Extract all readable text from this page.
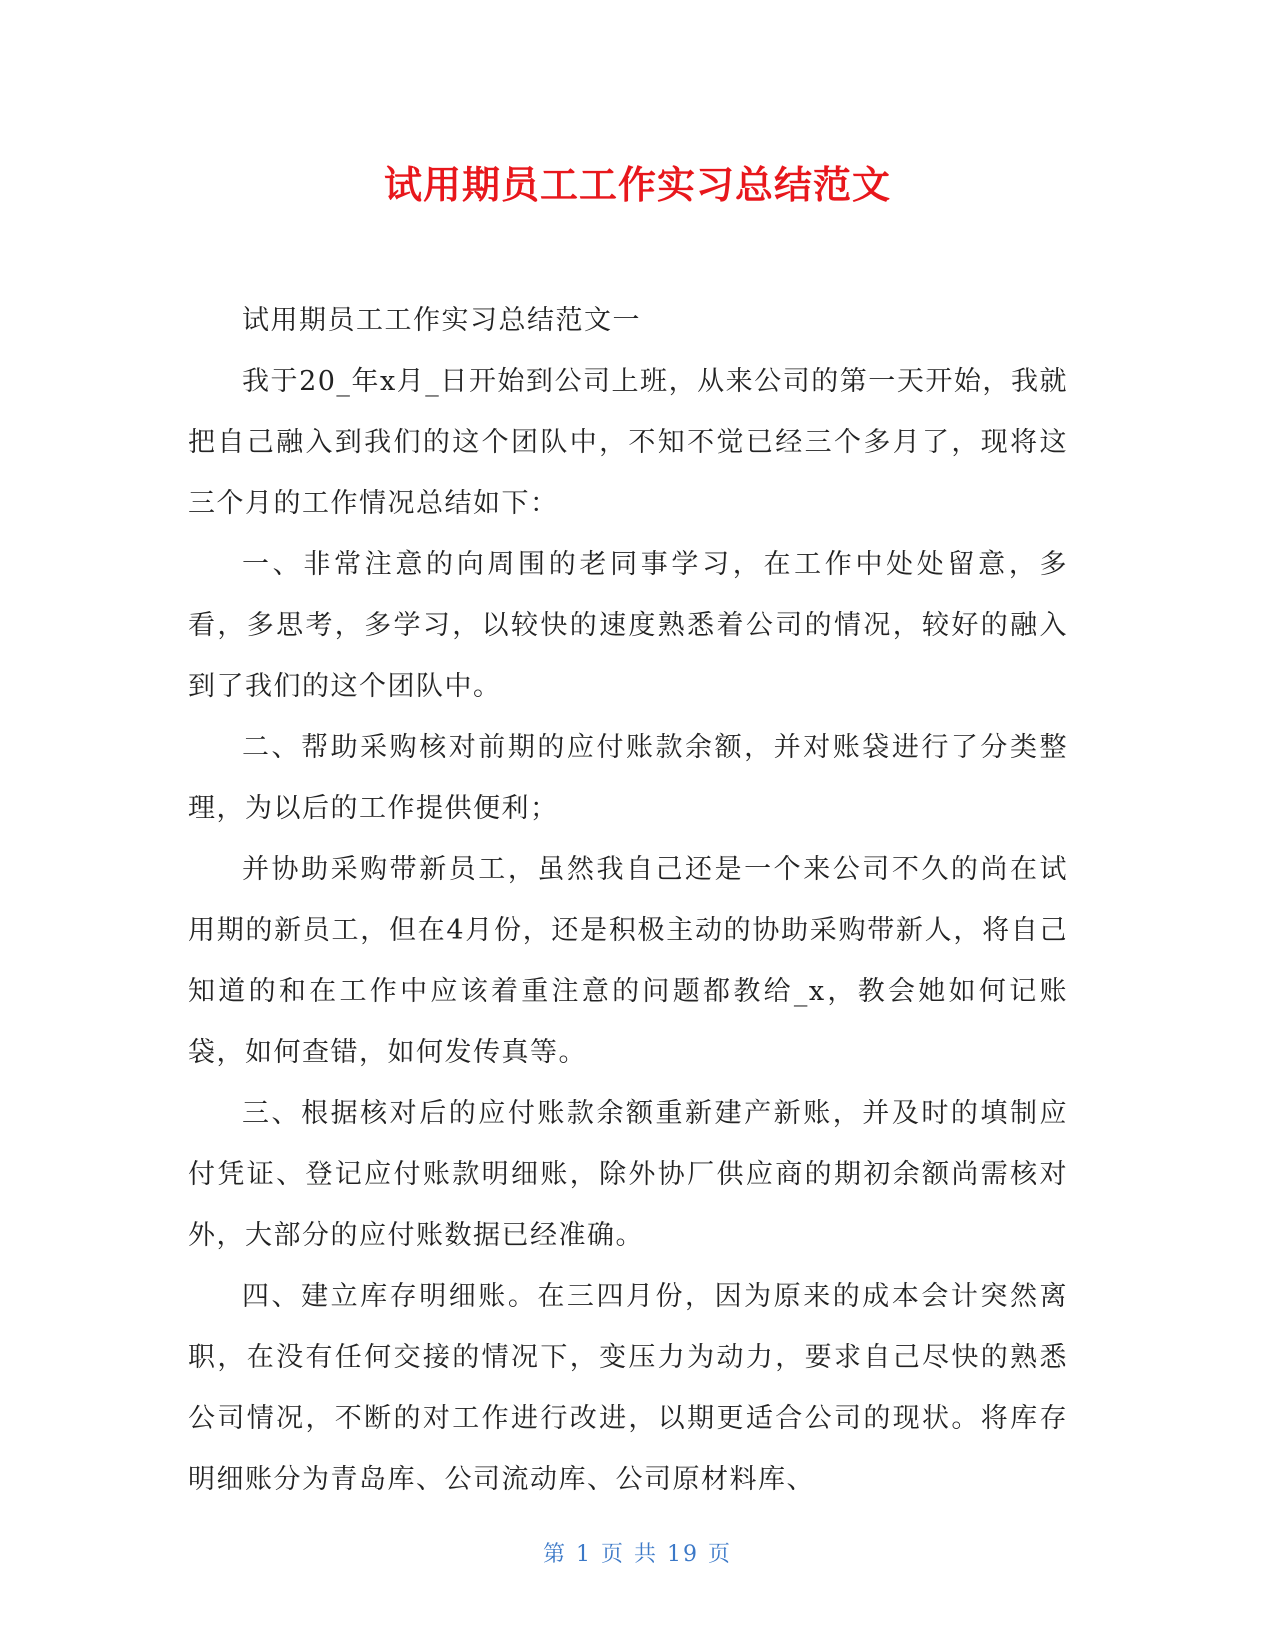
试用期员工工作实习总结范文

试用期员工工作实习总结范文一

我于20_年x月_日开始到公司上班，从来公司的第一天开始，我就把自己融入到我们的这个团队中，不知不觉已经三个多月了，现将这三个月的工作情况总结如下：

一、非常注意的向周围的老同事学习，在工作中处处留意，多看，多思考，多学习，以较快的速度熟悉着公司的情况，较好的融入到了我们的这个团队中。

二、帮助采购核对前期的应付账款余额，并对账袋进行了分类整理，为以后的工作提供便利；

并协助采购带新员工，虽然我自己还是一个来公司不久的尚在试用期的新员工，但在4月份，还是积极主动的协助采购带新人，将自己知道的和在工作中应该着重注意的问题都教给_x，教会她如何记账袋，如何查错，如何发传真等。

三、根据核对后的应付账款余额重新建产新账，并及时的填制应付凭证、登记应付账款明细账，除外协厂供应商的期初余额尚需核对外，大部分的应付账数据已经准确。

四、建立库存明细账。在三四月份，因为原来的成本会计突然离职，在没有任何交接的情况下，变压力为动力，要求自己尽快的熟悉公司情况，不断的对工作进行改进，以期更适合公司的现状。将库存明细账分为青岛库、公司流动库、公司原材料库、

第 1 页 共 19 页
